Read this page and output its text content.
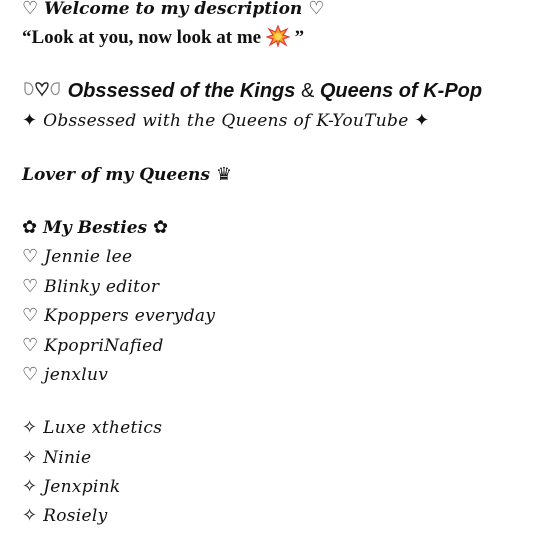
♡ Welcome to my description ♡
“Look at you, now look at me ”
Obssessed of the Kings & Queens of K-Pop
✦ Obssessed with the Queens of K-YouTube ✦
Lover of my Queens ♛
✿ My Besties ✿
♡ Jennie lee
♡ Blinky editor
♡ Kpoppers everyday
♡ KpopriNafied
♡ jenxluv
✧ Luxe xthetics
✧ Ninie
✧ Jenxpink
✧ Rosiely
